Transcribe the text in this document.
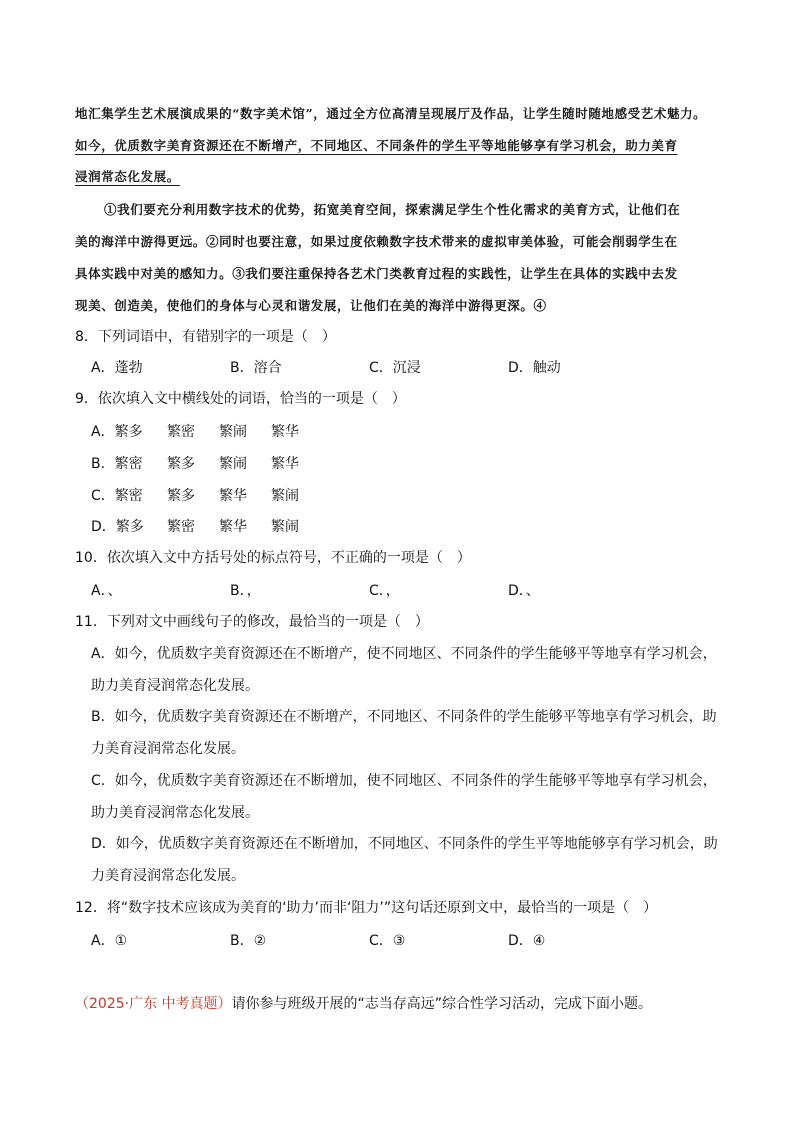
地汇集学生艺术展演成果的“数字美术馆”，通过全方位高清呈现展厅及作品，让学生随时随地感受艺术魅力。
如今，优质数字美育资源还在不断增产，不同地区、不同条件的学生平等地能够享有学习机会，助力美育
浸润常态化发展。
①我们要充分利用数字技术的优势，拓宽美育空间，探索满足学生个性化需求的美育方式，让他们在
美的海洋中游得更远。②同时也要注意，如果过度依赖数字技术带来的虚拟审美体验，可能会削弱学生在
具体实践中对美的感知力。③我们要注重保持各艺术门类教育过程的实践性，让学生在具体的实践中去发
现美、创造美，使他们的身体与心灵和谐发展，让他们在美的海洋中游得更深。④
8．下列词语中，有错别字的一项是（　）
A．蓬勃	B．溶合	C．沉浸	D．触动
9．依次填入文中横线处的词语，恰当的一项是（　）
A．繁多	繁密	繁闹	繁华
B．繁密	繁多	繁闹	繁华
C．繁密	繁多	繁华	繁闹
D．繁多	繁密	繁华	繁闹
10．依次填入文中方括号处的标点符号，不正确的一项是（　）
A．、	B．，	C．，	D．、
11．下列对文中画线句子的修改，最恰当的一项是（　）
A．如今，优质数字美育资源还在不断增产，使不同地区、不同条件的学生能够平等地享有学习机会，
助力美育浸润常态化发展。
B．如今，优质数字美育资源还在不断增产，不同地区、不同条件的学生能够平等地享有学习机会，助
力美育浸润常态化发展。
C．如今，优质数字美育资源还在不断增加，使不同地区、不同条件的学生能够平等地享有学习机会，
助力美育浸润常态化发展。
D．如今，优质数字美育资源还在不断增加，不同地区、不同条件的学生平等地能够享有学习机会，助
力美育浸润常态化发展。
12．将“数字技术应该成为美育的‘助力’而非‘阻力’”这句话还原到文中，最恰当的一项是（　）
A．①	B．②	C．③	D．④
（2025·广东 中考真题）请你参与班级开展的“志当存高远”综合性学习活动，完成下面小题。
